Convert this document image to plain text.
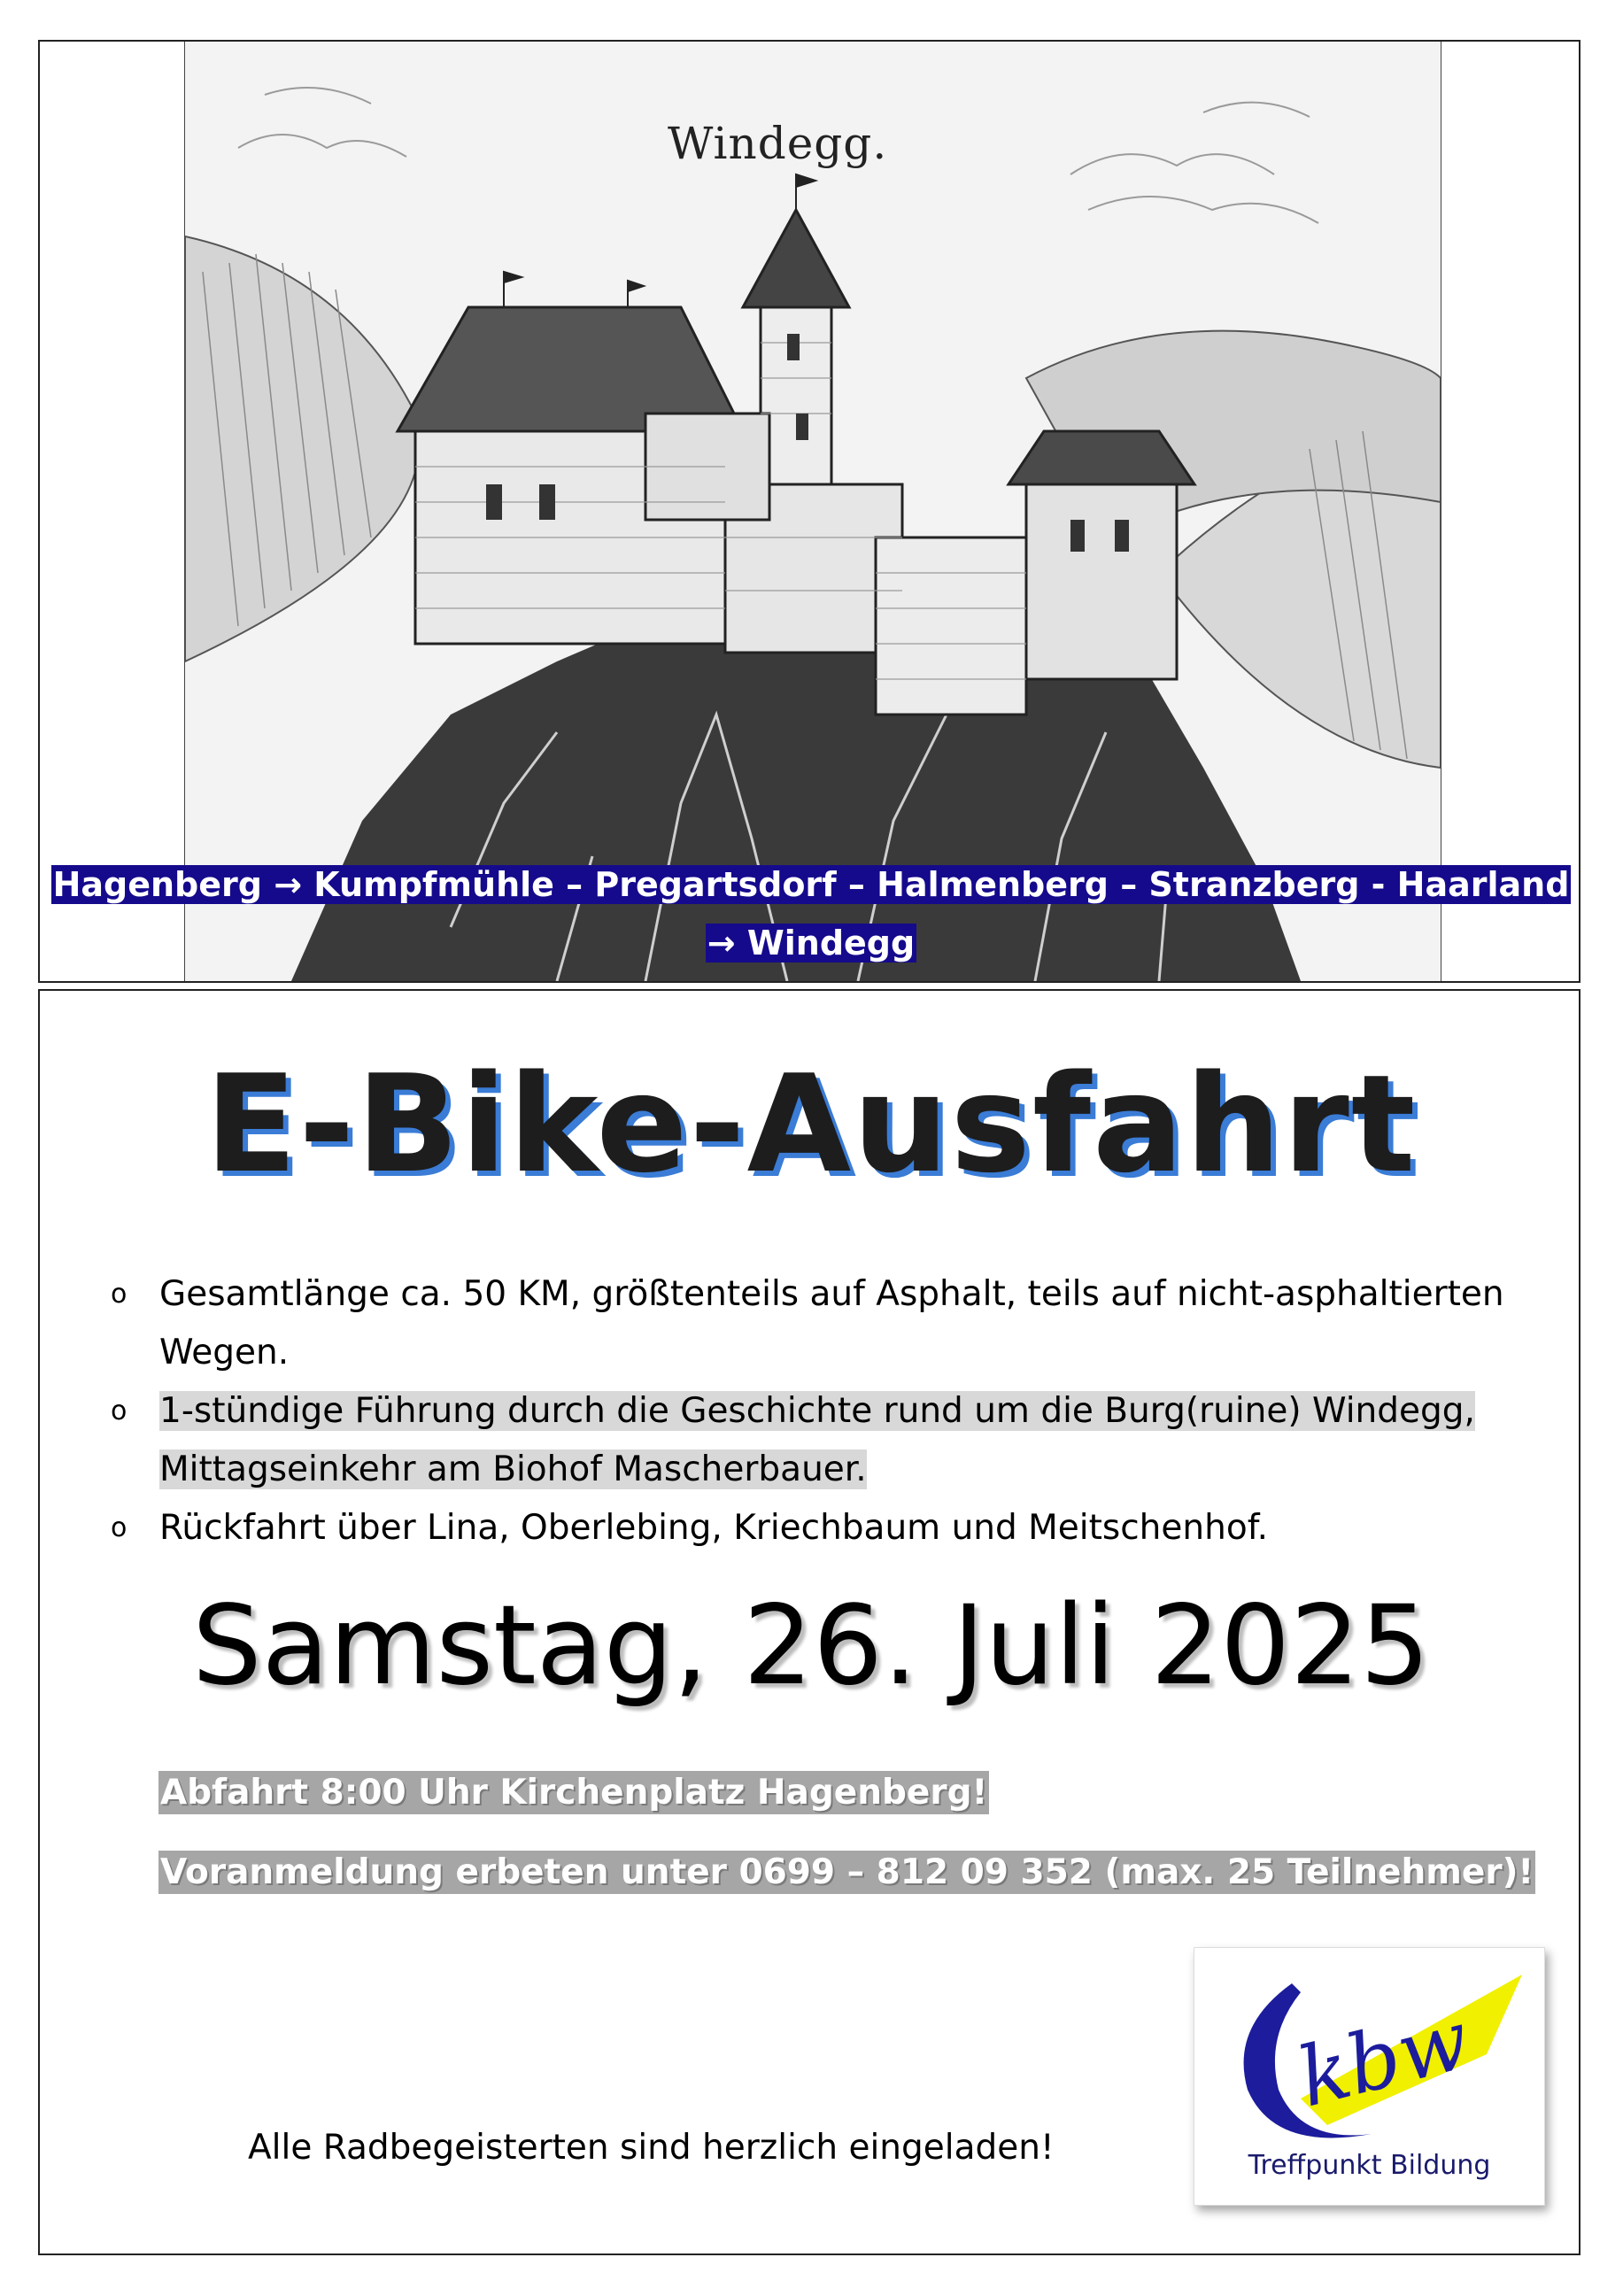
Windegg.
Hagenberg → Kumpfmühle – Pregartsdorf – Halmenberg – Stranzberg - Haarland
→ Windegg
E-Bike-Ausfahrt
o Gesamtlänge ca. 50 KM, größtenteils auf Asphalt, teils auf nicht-asphaltierten Wegen.
o 1-stündige Führung durch die Geschichte rund um die Burg(ruine) Windegg, Mittagseinkehr am Biohof Mascherbauer.
o Rückfahrt über Lina, Oberlebing, Kriechbaum und Meitschenhof.
Samstag, 26. Juli 2025
Abfahrt 8:00 Uhr Kirchenplatz Hagenberg!
Voranmeldung erbeten unter 0699 – 812 09 352 (max. 25 Teilnehmer)!
Alle Radbegeisterten sind herzlich eingeladen!
kbw
Treffpunkt Bildung
